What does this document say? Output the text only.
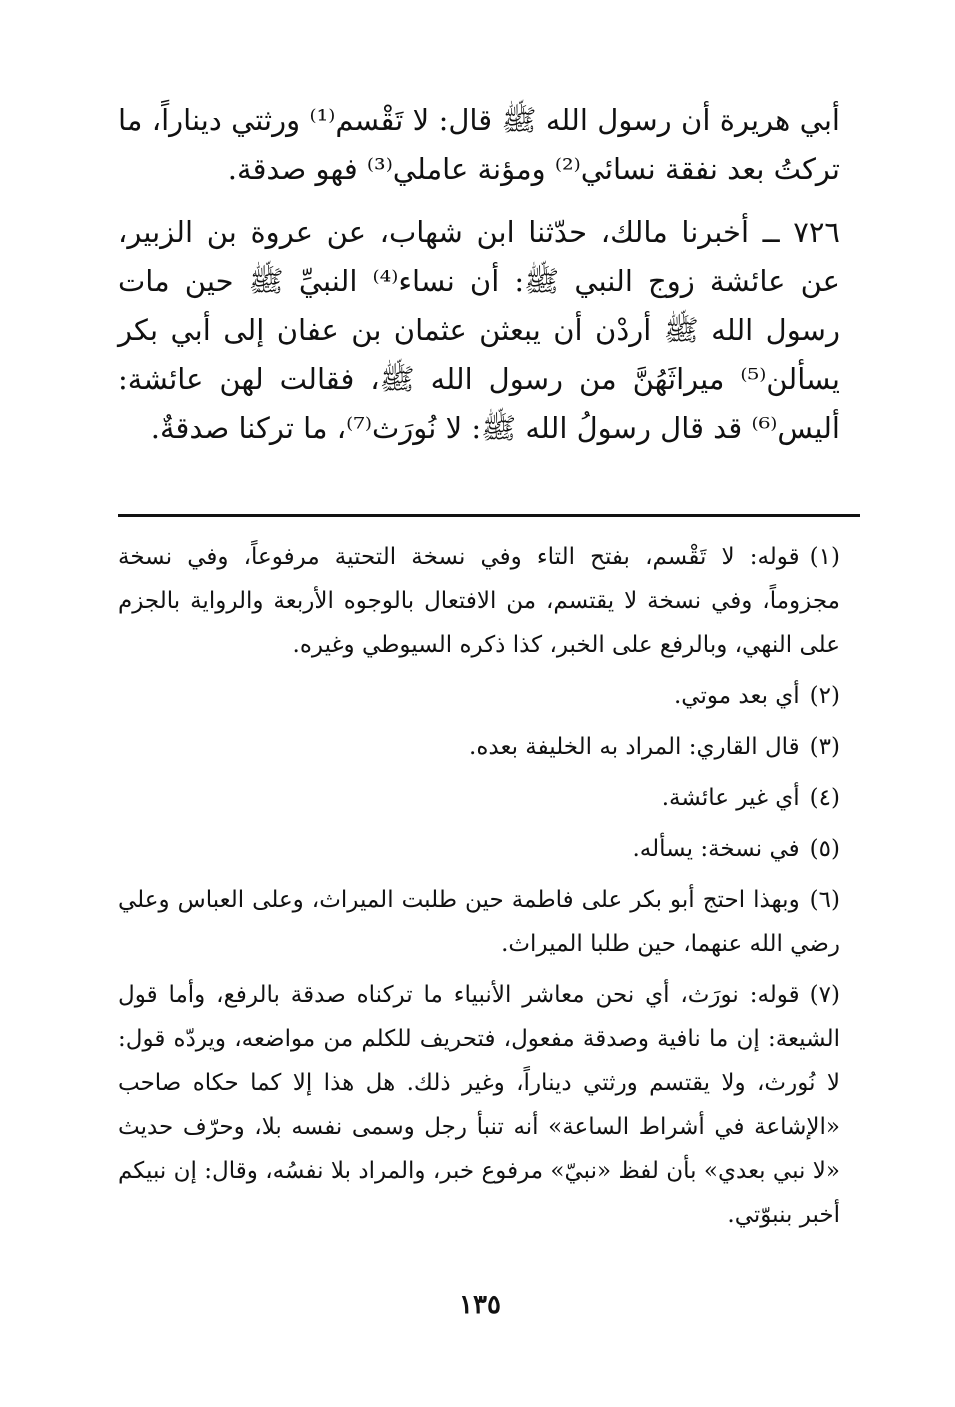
أبي هريرة أن رسول الله ﷺ قال: لا تَقْسم⁽¹⁾ ورثتي ديناراً، ما تركتُ بعد نفقة نسائي⁽²⁾ ومؤنة عاملي⁽³⁾ فهو صدقة.

٧٢٦ ــ أخبرنا مالك، حدّثنا ابن شهاب، عن عروة بن الزبير، عن عائشة زوج النبي ﷺ: أن نساء⁽⁴⁾ النبيِّ ﷺ حين مات رسول الله ﷺ أردْن أن يبعثن عثمان بن عفان إلى أبي بكر يسألن⁽⁵⁾ ميراثَهُنَّ من رسول الله ﷺ، فقالت لهن عائشة: أليس⁽⁶⁾ قد قال رسولُ الله ﷺ: لا نُورَث⁽⁷⁾، ما تركنا صدقةٌ.

(١)قوله: لا تَقْسم، بفتح التاء وفي نسخة التحتية مرفوعاً، وفي نسخة مجزوماً، وفي نسخة لا يقتسم، من الافتعال بالوجوه الأربعة والرواية بالجزم على النهي، وبالرفع على الخبر، كذا ذكره السيوطي وغيره.

(٢)أي بعد موتي.

(٣)قال القاري: المراد به الخليفة بعده.

(٤)أي غير عائشة.

(٥)في نسخة: يسأله.

(٦)وبهذا احتج أبو بكر على فاطمة حين طلبت الميراث، وعلى العباس وعلي رضي الله عنهما، حين طلبا الميراث.

(٧)قوله: نورَث، أي نحن معاشر الأنبياء ما تركناه صدقة بالرفع، وأما قول الشيعة: إن ما نافية وصدقة مفعول، فتحريف للكلم من مواضعه، ويردّه قول: لا نُورث، ولا يقتسم ورثتي ديناراً، وغير ذلك. هل هذا إلا كما حكاه صاحب «الإشاعة في أشراط الساعة» أنه تنبأ رجل وسمى نفسه بلا، وحرّف حديث «لا نبي بعدي» بأن لفظ «نبيّ» مرفوع خبر، والمراد بلا نفسُه، وقال: إن نبيكم أخبر بنبوّتي.

١٣٥
